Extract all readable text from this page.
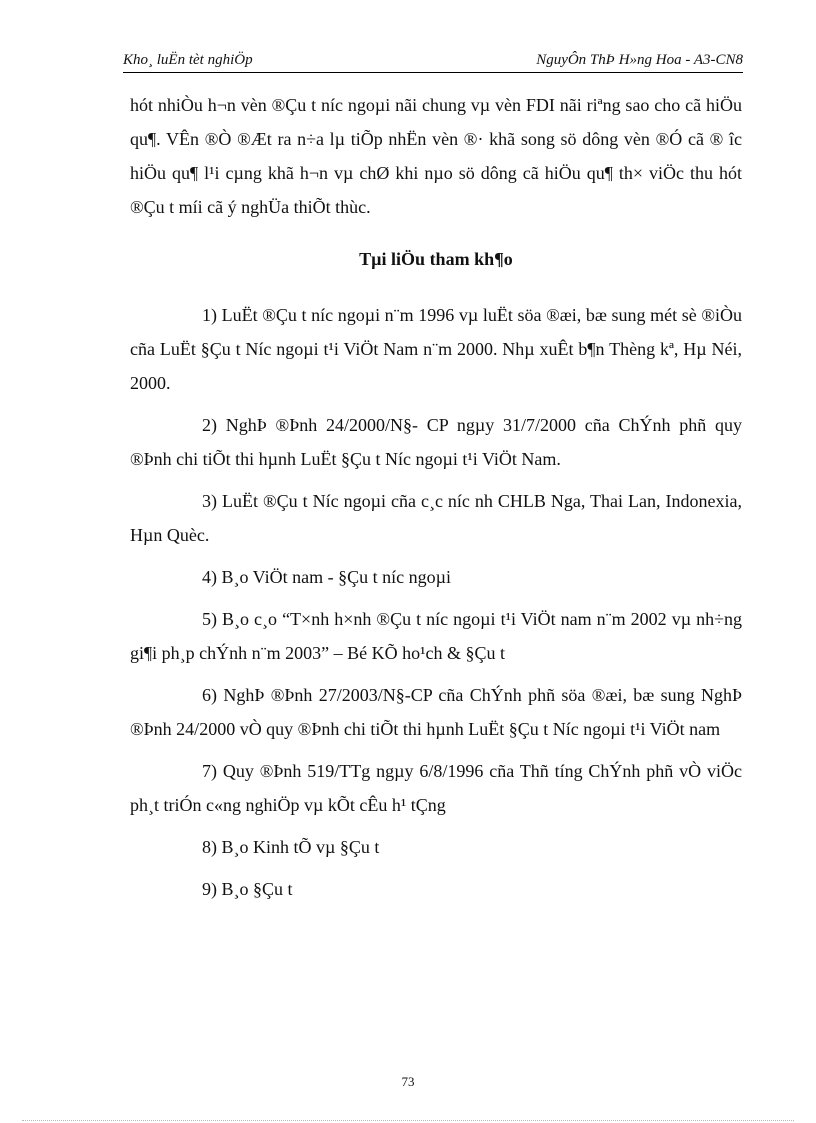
Kho¸ luËn tèt nghiÖp	NguyÔn ThÞ H»ng Hoa - A3-CN8

hót nhiÒu h¬n vèn ®Çu t níc ngoµi nãi chung vµ vèn FDI nãi riªng sao cho cã hiÖu qu¶. VÊn ®Ò ®Æt ra n÷a lµ tiÕp nhËn vèn ®· khã song sö dông vèn ®Ó cã ® îc hiÖu qu¶ l¹i cµng khã h¬n vµ chØ khi nµo sö dông cã hiÖu qu¶ th× viÖc thu hót ®Çu t míi cã ý nghÜa thiÕt thùc.

Tµi liÖu tham kh¶o

1) LuËt ®Çu t níc ngoµi n¨m 1996 vµ luËt söa ®æi, bæ sung mét sè ®iÒu cña LuËt §Çu t Níc ngoµi t¹i ViÖt Nam n¨m 2000. Nhµ xuÊt b¶n Thèng kª, Hµ Néi, 2000.

2) NghÞ ®Þnh 24/2000/N§- CP ngµy 31/7/2000 cña ChÝnh phñ quy ®Þnh chi tiÕt thi hµnh LuËt §Çu t Níc ngoµi t¹i ViÖt Nam.

3) LuËt ®Çu t Níc ngoµi cña c¸c níc nh CHLB Nga, Thai Lan, Indonexia, Hµn Quèc.

4) B¸o ViÖt nam - §Çu t níc ngoµi

5) B¸o c¸o “T×nh h×nh ®Çu t níc ngoµi t¹i ViÖt nam n¨m 2002 vµ nh÷ng gi¶i ph¸p chÝnh n¨m 2003” – Bé KÕ ho¹ch & §Çu t

6) NghÞ ®Þnh 27/2003/N§-CP cña ChÝnh phñ söa ®æi, bæ sung NghÞ ®Þnh 24/2000 vÒ quy ®Þnh chi tiÕt thi hµnh LuËt §Çu t Níc ngoµi t¹i ViÖt nam

7) Quy ®Þnh 519/TTg ngµy 6/8/1996 cña Thñ tíng ChÝnh phñ vÒ viÖc ph¸t triÓn c«ng nghiÖp vµ kÕt cÊu h¹ tÇng

8) B¸o Kinh tÕ vµ §Çu t

9) B¸o §Çu t

73
